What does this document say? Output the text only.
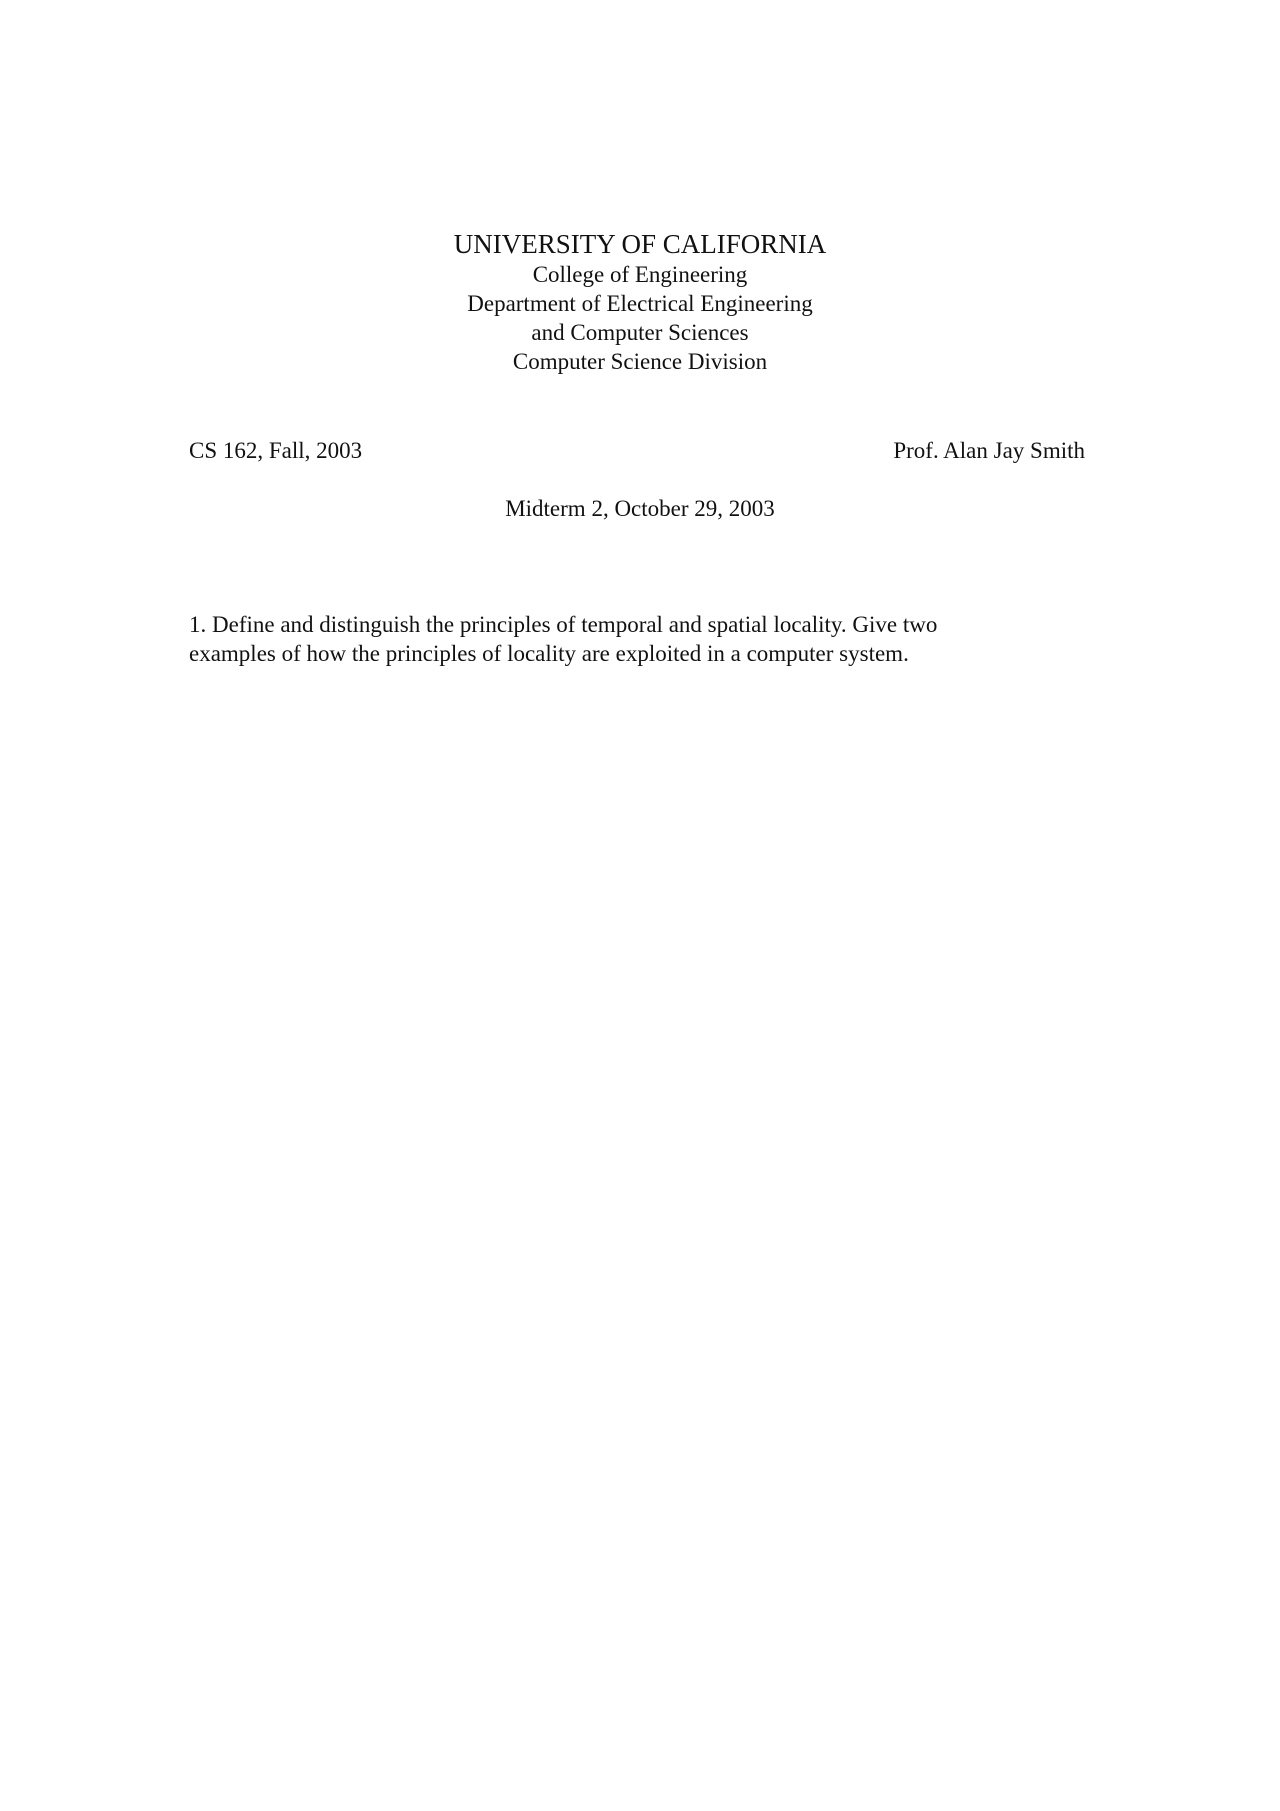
UNIVERSITY OF CALIFORNIA

College of Engineering

Department of Electrical Engineering

and Computer Sciences

Computer Science Division

CS 162, Fall, 2003	Prof. Alan Jay Smith
Midterm 2, October 29, 2003

1. Define and distinguish the principles of temporal and spatial locality. Give two

examples of how the principles of locality are exploited in a computer system.
